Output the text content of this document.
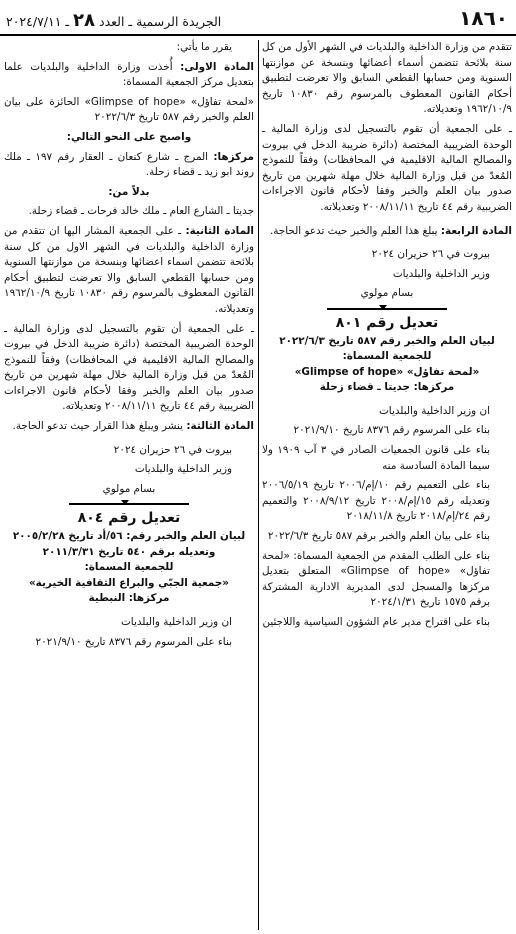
١٨٦٠
الجريدة الرسمية ـ العدد ٢٨ ـ ٢٠٢٤/٧/١١

تتقدم من وزارة الداخلية والبلديات في الشهر الأول من كل سنة بلائحة تتضمن أسماء أعضائها وبنسخة عن موازنتها السنوية ومن حسابها القطعي السابق والا تعرضت لتطبيق أحكام القانون المعطوف بالمرسوم رقم ١٠٨٣٠ تاريخ ١٩٦٢/١٠/٩ وتعديلاته.

ـ على الجمعية أن تقوم بالتسجيل لدى وزارة المالية ـ الوحدة الضريبية المختصة (دائرة ضريبة الدخل في بيروت والمصالح المالية الاقليمية في المحافظات) وفقاً للنموذج المُعدّ من قبل وزارة المالية خلال مهلة شهرين من تاريخ صدور بيان العلم والخبر وفقا لأحكام قانون الاجراءات الضريبية رقم ٤٤ تاريخ ٢٠٠٨/١١/١١ وتعديلاته.

المادة الرابعة: يبلغ هذا العلم والخبر حيث تدعو الحاجة.

بيروت في ٢٦ حزيران ٢٠٢٤

وزير الداخلية والبلديات

بسام مولوي

تعديل رقم ٨٠١
لبيان العلم والخبر رقم ٥٨٧ تاريخ ٢٠٢٢/٦/٣
للجمعية المسماة:
«لمحة تفاؤل» «Glimpse of hope»
مركزها: جديتا ـ قضاء زحلة

ان وزير الداخلية والبلديات

بناء على المرسوم رقم ٨٣٧٦ تاريخ ٢٠٢١/٩/١٠

بناء على قانون الجمعيات الصادر في ٣ آب ١٩٠٩ ولا سيما المادة السادسة منه

بناء على التعميم رقم ١٠/إم/٢٠٠٦ تاريخ ٢٠٠٦/٥/١٩ وتعديله رقم ١٥/إم/٢٠٠٨ تاريخ ٢٠٠٨/٩/١٢ والتعميم رقم ٢٤/إم/٢٠١٨ تاريخ ٢٠١٨/١١/٨

بناء على بيان العلم والخبر برقم ٥٨٧ تاريخ ٢٠٢٢/٦/٣

بناء على الطلب المقدم من الجمعية المسماة: «لمحة تفاؤل» «Glimpse of hope» المتعلق بتعديل مركزها والمسجل لدى المديرية الادارية المشتركة برقم ١٥٧٥ تاريخ ٢٠٢٤/١/٣١

بناء على اقتراح مدير عام الشؤون السياسية واللاجئين

يقرر ما يأتي:

المادة الاولى: أُخذت وزارة الداخلية والبلديات علما بتعديل مركز الجمعية المسماة:

«لمحة تفاؤل» «Glimpse of hope» الحائزة على بيان العلم والخبر رقم ٥٨٧ تاريخ ٢٠٢٢/٦/٣

واصبح على النحو التالي:

مركزها: المرج ـ شارع كنعان ـ العقار رقم ١٩٧ ـ ملك روند ابو زيد ـ قضاء زحلة.

بدلاً من:

جديتا ـ الشارع العام ـ ملك خالد فرحات ـ قضاء زحلة.

المادة الثانية: ـ على الجمعية المشار اليها ان تتقدم من وزارة الداخلية والبلديات في الشهر الاول من كل سنة بلائحة تتضمن اسماء اعضائها وبنسخة من موازنتها السنوية ومن حسابها القطعي السابق والا تعرضت لتطبيق أحكام القانون المعطوف بالمرسوم رقم ١٠٨٣٠ تاريخ ١٩٦٢/١٠/٩ وتعديلاته.

ـ على الجمعية أن تقوم بالتسجيل لدى وزارة المالية ـ الوحدة الضريبية المختصة (دائرة ضريبة الدخل في بيروت والمصالح المالية الاقليمية في المحافظات) وفقاً للنموذج المُعدّ من قبل وزارة المالية خلال مهلة شهرين من تاريخ صدور بيان العلم والخبر وفقا لأحكام قانون الاجراءات الضريبية رقم ٤٤ تاريخ ٢٠٠٨/١١/١١ وتعديلاته.

المادة الثالثة: ينشر ويبلغ هذا القرار حيث تدعو الحاجة.

بيروت في ٢٦ حزيران ٢٠٢٤

وزير الداخلية والبلديات

بسام مولوي

تعديل رقم ٨٠٤
لبيان العلم والخبر رقم: ٥٦/أد تاريخ ٢٠٠٥/٢/٢٨
وتعديله برقم ٥٤٠ تاريخ ٢٠١١/٣/٣١
للجمعية المسماة:
«جمعية الجبّي والبراع الثقافية الخيرية»
مركزها: النبطية

ان وزير الداخلية والبلديات

بناء على المرسوم رقم ٨٣٧٦ تاريخ ٢٠٢١/٩/١٠
